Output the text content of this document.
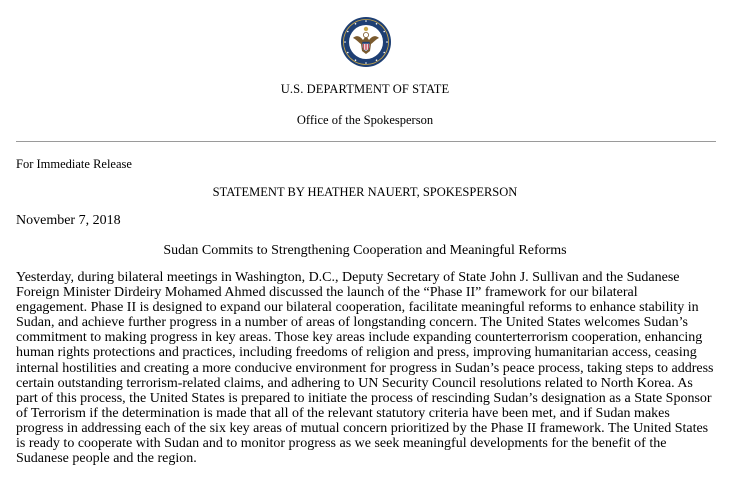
U.S. DEPARTMENT OF STATE
Office of the Spokesperson
For Immediate Release
STATEMENT BY HEATHER NAUERT, SPOKESPERSON
November 7, 2018
Sudan Commits to Strengthening Cooperation and Meaningful Reforms
Yesterday, during bilateral meetings in Washington, D.C., Deputy Secretary of State John J. Sullivan and the Sudanese
Foreign Minister Dirdeiry Mohamed Ahmed discussed the launch of the “Phase II” framework for our bilateral
engagement. Phase II is designed to expand our bilateral cooperation, facilitate meaningful reforms to enhance stability in
Sudan, and achieve further progress in a number of areas of longstanding concern. The United States welcomes Sudan’s
commitment to making progress in key areas. Those key areas include expanding counterterrorism cooperation, enhancing
human rights protections and practices, including freedoms of religion and press, improving humanitarian access, ceasing
internal hostilities and creating a more conducive environment for progress in Sudan’s peace process, taking steps to address
certain outstanding terrorism-related claims, and adhering to UN Security Council resolutions related to North Korea. As
part of this process, the United States is prepared to initiate the process of rescinding Sudan’s designation as a State Sponsor
of Terrorism if the determination is made that all of the relevant statutory criteria have been met, and if Sudan makes
progress in addressing each of the six key areas of mutual concern prioritized by the Phase II framework. The United States
is ready to cooperate with Sudan and to monitor progress as we seek meaningful developments for the benefit of the
Sudanese people and the region.
